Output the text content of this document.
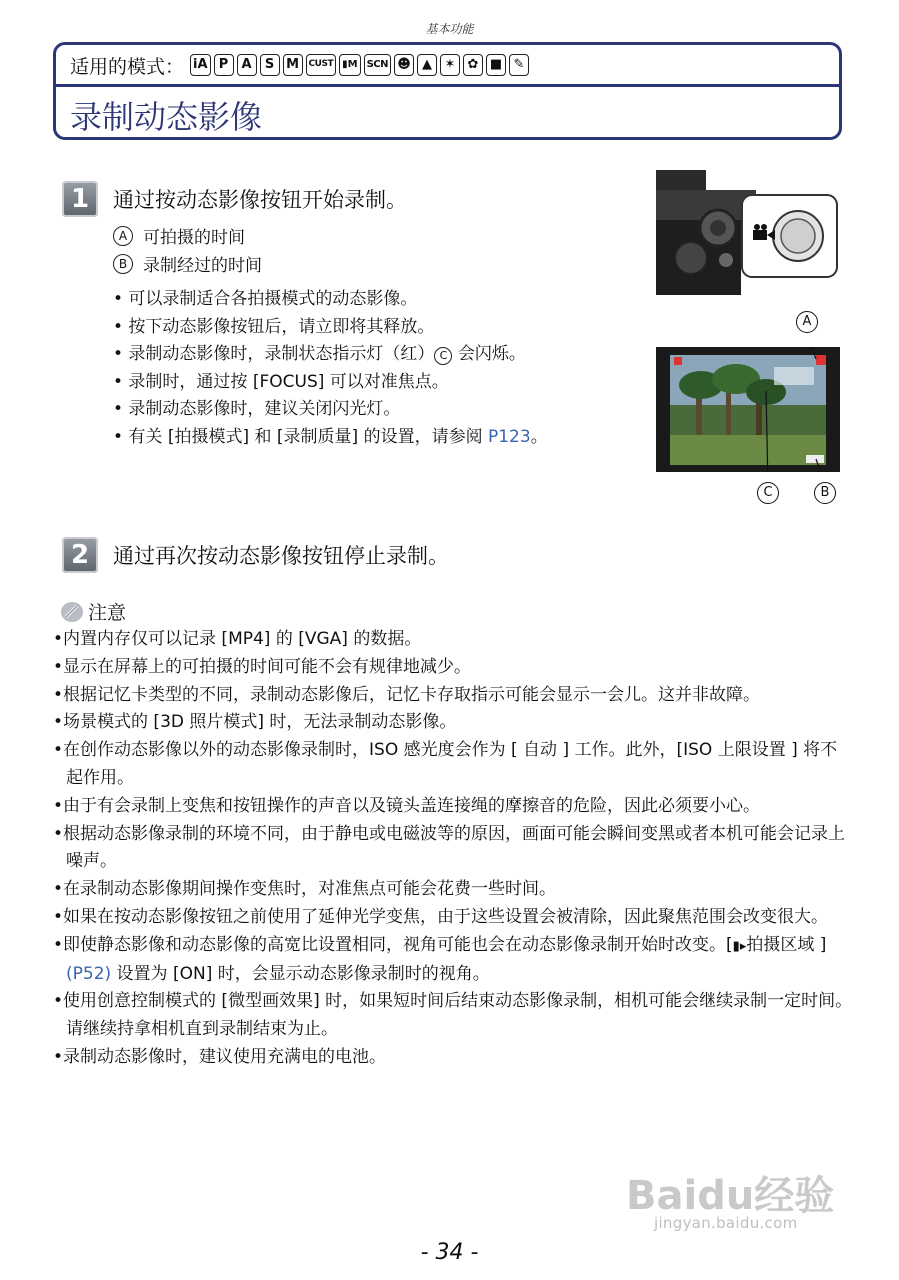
基本功能
适用的模式： iA P	A	S M	CUST ▮M SCN ☻ ▲ ✶ ✿ ■ ✎
录制动态影像
1	通过按动态影像按钮开始录制。
A 可拍摄的时间
B 录制经过的时间
• 可以录制适合各拍摄模式的动态影像。
• 按下动态影像按钮后，请立即将其释放。
• 录制动态影像时，录制状态指示灯（红） C 会闪烁。
• 录制时，通过按 [FOCUS] 可以对准焦点。
• 录制动态影像时，建议关闭闪光灯。
• 有关 [拍摄模式] 和 [录制质量] 的设置，请参阅 P123。
A
C	B
2	通过再次按动态影像按钮停止录制。
注意
•内置内存仅可以记录 [MP4] 的 [VGA] 的数据。
•显示在屏幕上的可拍摄的时间可能不会有规律地减少。
•根据记忆卡类型的不同，录制动态影像后，记忆卡存取指示可能会显示一会儿。这并非故障。
•场景模式的 [3D 照片模式] 时，无法录制动态影像。
•在创作动态影像以外的动态影像录制时，ISO 感光度会作为 [ 自动 ] 工作。此外，[ISO 上限设置 ] 将不起作用。
•由于有会录制上变焦和按钮操作的声音以及镜头盖连接绳的摩擦音的危险，因此必须要小心。
•根据动态影像录制的环境不同，由于静电或电磁波等的原因，画面可能会瞬间变黑或者本机可能会记录上噪声。
•在录制动态影像期间操作变焦时，对准焦点可能会花费一些时间。
•如果在按动态影像按钮之前使用了延伸光学变焦，由于这些设置会被清除，因此聚焦范围会改变很大。
•即使静态影像和动态影像的高宽比设置相同，视角可能也会在动态影像录制开始时改变。[▮▸拍摄区域 ] (P52) 设置为 [ON] 时，会显示动态影像录制时的视角。
•使用创意控制模式的 [微型画效果] 时，如果短时间后结束动态影像录制，相机可能会继续录制一定时间。请继续持拿相机直到录制结束为止。
•录制动态影像时，建议使用充满电的电池。
Baidu经验
jingyan.baidu.com
- 34 -
